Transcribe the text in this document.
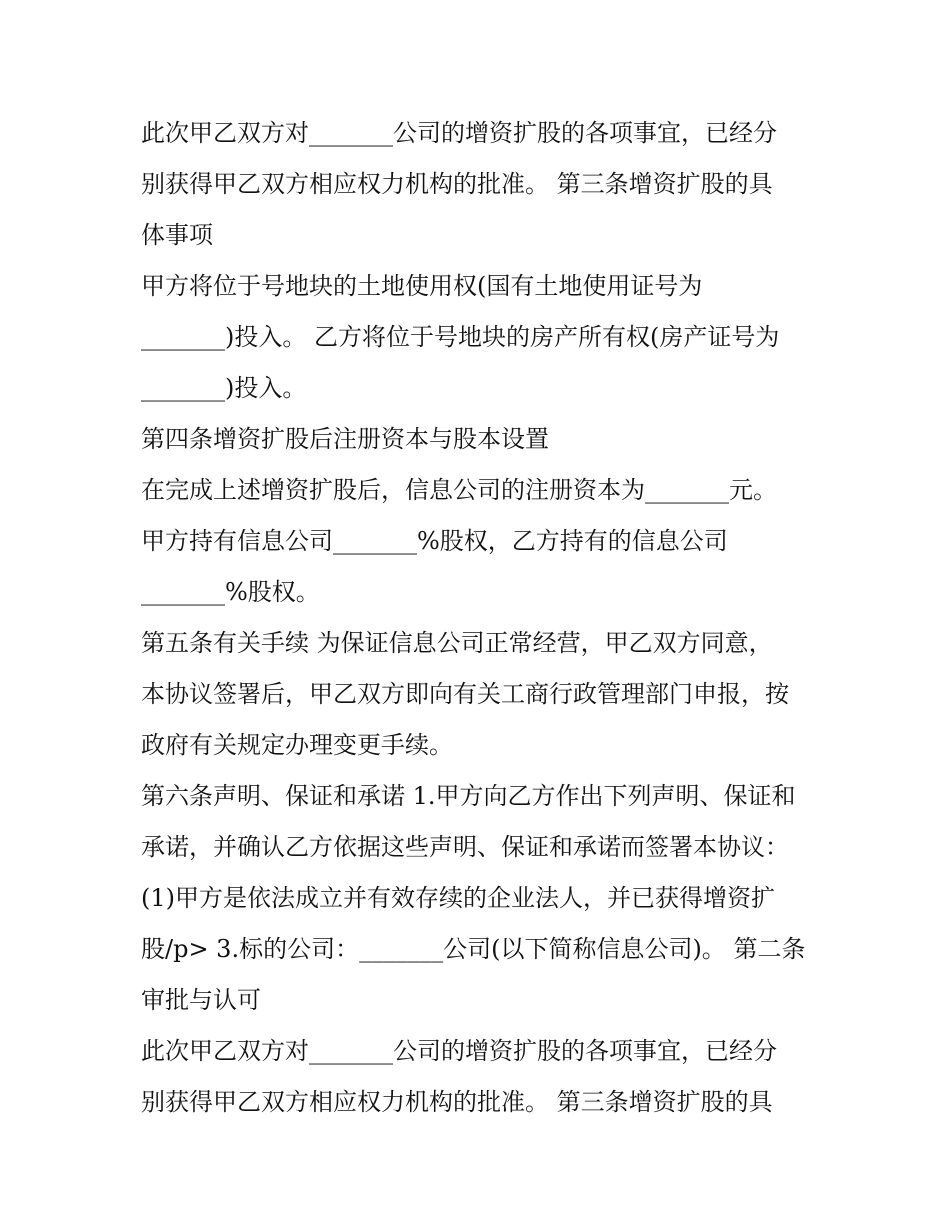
此次甲乙双方对_______公司的增资扩股的各项事宜，已经分
别获得甲乙双方相应权力机构的批准。 第三条增资扩股的具
体事项
甲方将位于号地块的土地使用权(国有土地使用证号为
_______)投入。 乙方将位于号地块的房产所有权(房产证号为
_______)投入。
第四条增资扩股后注册资本与股本设置
在完成上述增资扩股后，信息公司的注册资本为_______元。
甲方持有信息公司_______%股权，乙方持有的信息公司
_______%股权。
第五条有关手续 为保证信息公司正常经营，甲乙双方同意，
本协议签署后，甲乙双方即向有关工商行政管理部门申报，按
政府有关规定办理变更手续。
第六条声明、保证和承诺 1.甲方向乙方作出下列声明、保证和
承诺，并确认乙方依据这些声明、保证和承诺而签署本协议：
(1)甲方是依法成立并有效存续的企业法人，并已获得增资扩
股/p> 3.标的公司：_______公司(以下简称信息公司)。 第二条
审批与认可
此次甲乙双方对_______公司的增资扩股的各项事宜，已经分
别获得甲乙双方相应权力机构的批准。 第三条增资扩股的具
